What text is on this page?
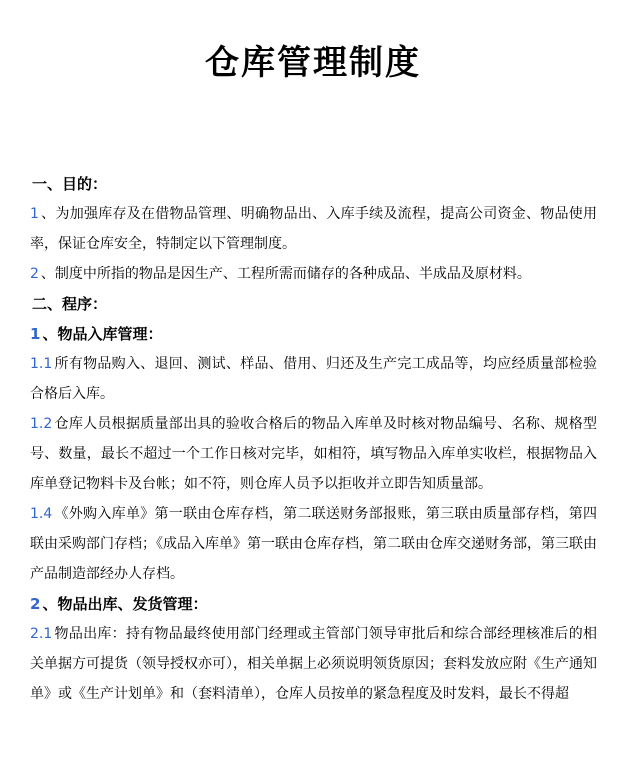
仓库管理制度

一、目的：

1 、为加强库存及在借物品管理、明确物品出、入库手续及流程，提高公司资金、物品使用率，保证仓库安全，特制定以下管理制度。

2 、制度中所指的物品是因生产、工程所需而储存的各种成品、半成品及原材料。

二、程序：

1 、物品入库管理：

1.1 所有物品购入、退回、测试、样品、借用、归还及生产完工成品等，均应经质量部检验合格后入库。

1.2 仓库人员根据质量部出具的验收合格后的物品入库单及时核对物品编号、名称、规格型号、数量，最长不超过一个工作日核对完毕，如相符，填写物品入库单实收栏，根据物品入库单登记物料卡及台帐；如不符，则仓库人员予以拒收并立即告知质量部。

1.4 《外购入库单》第一联由仓库存档，第二联送财务部报账，第三联由质量部存档，第四联由采购部门存档；《成品入库单》第一联由仓库存档，第二联由仓库交递财务部，第三联由产品制造部经办人存档。

2 、物品出库、发货管理：

2.1 物品出库：持有物品最终使用部门经理或主管部门领导审批后和综合部经理核准后的相关单据方可提货（领导授权亦可），相关单据上必须说明领货原因；套料发放应附《生产通知单》或《生产计划单》和（套料清单），仓库人员按单的紧急程度及时发料，最长不得超
